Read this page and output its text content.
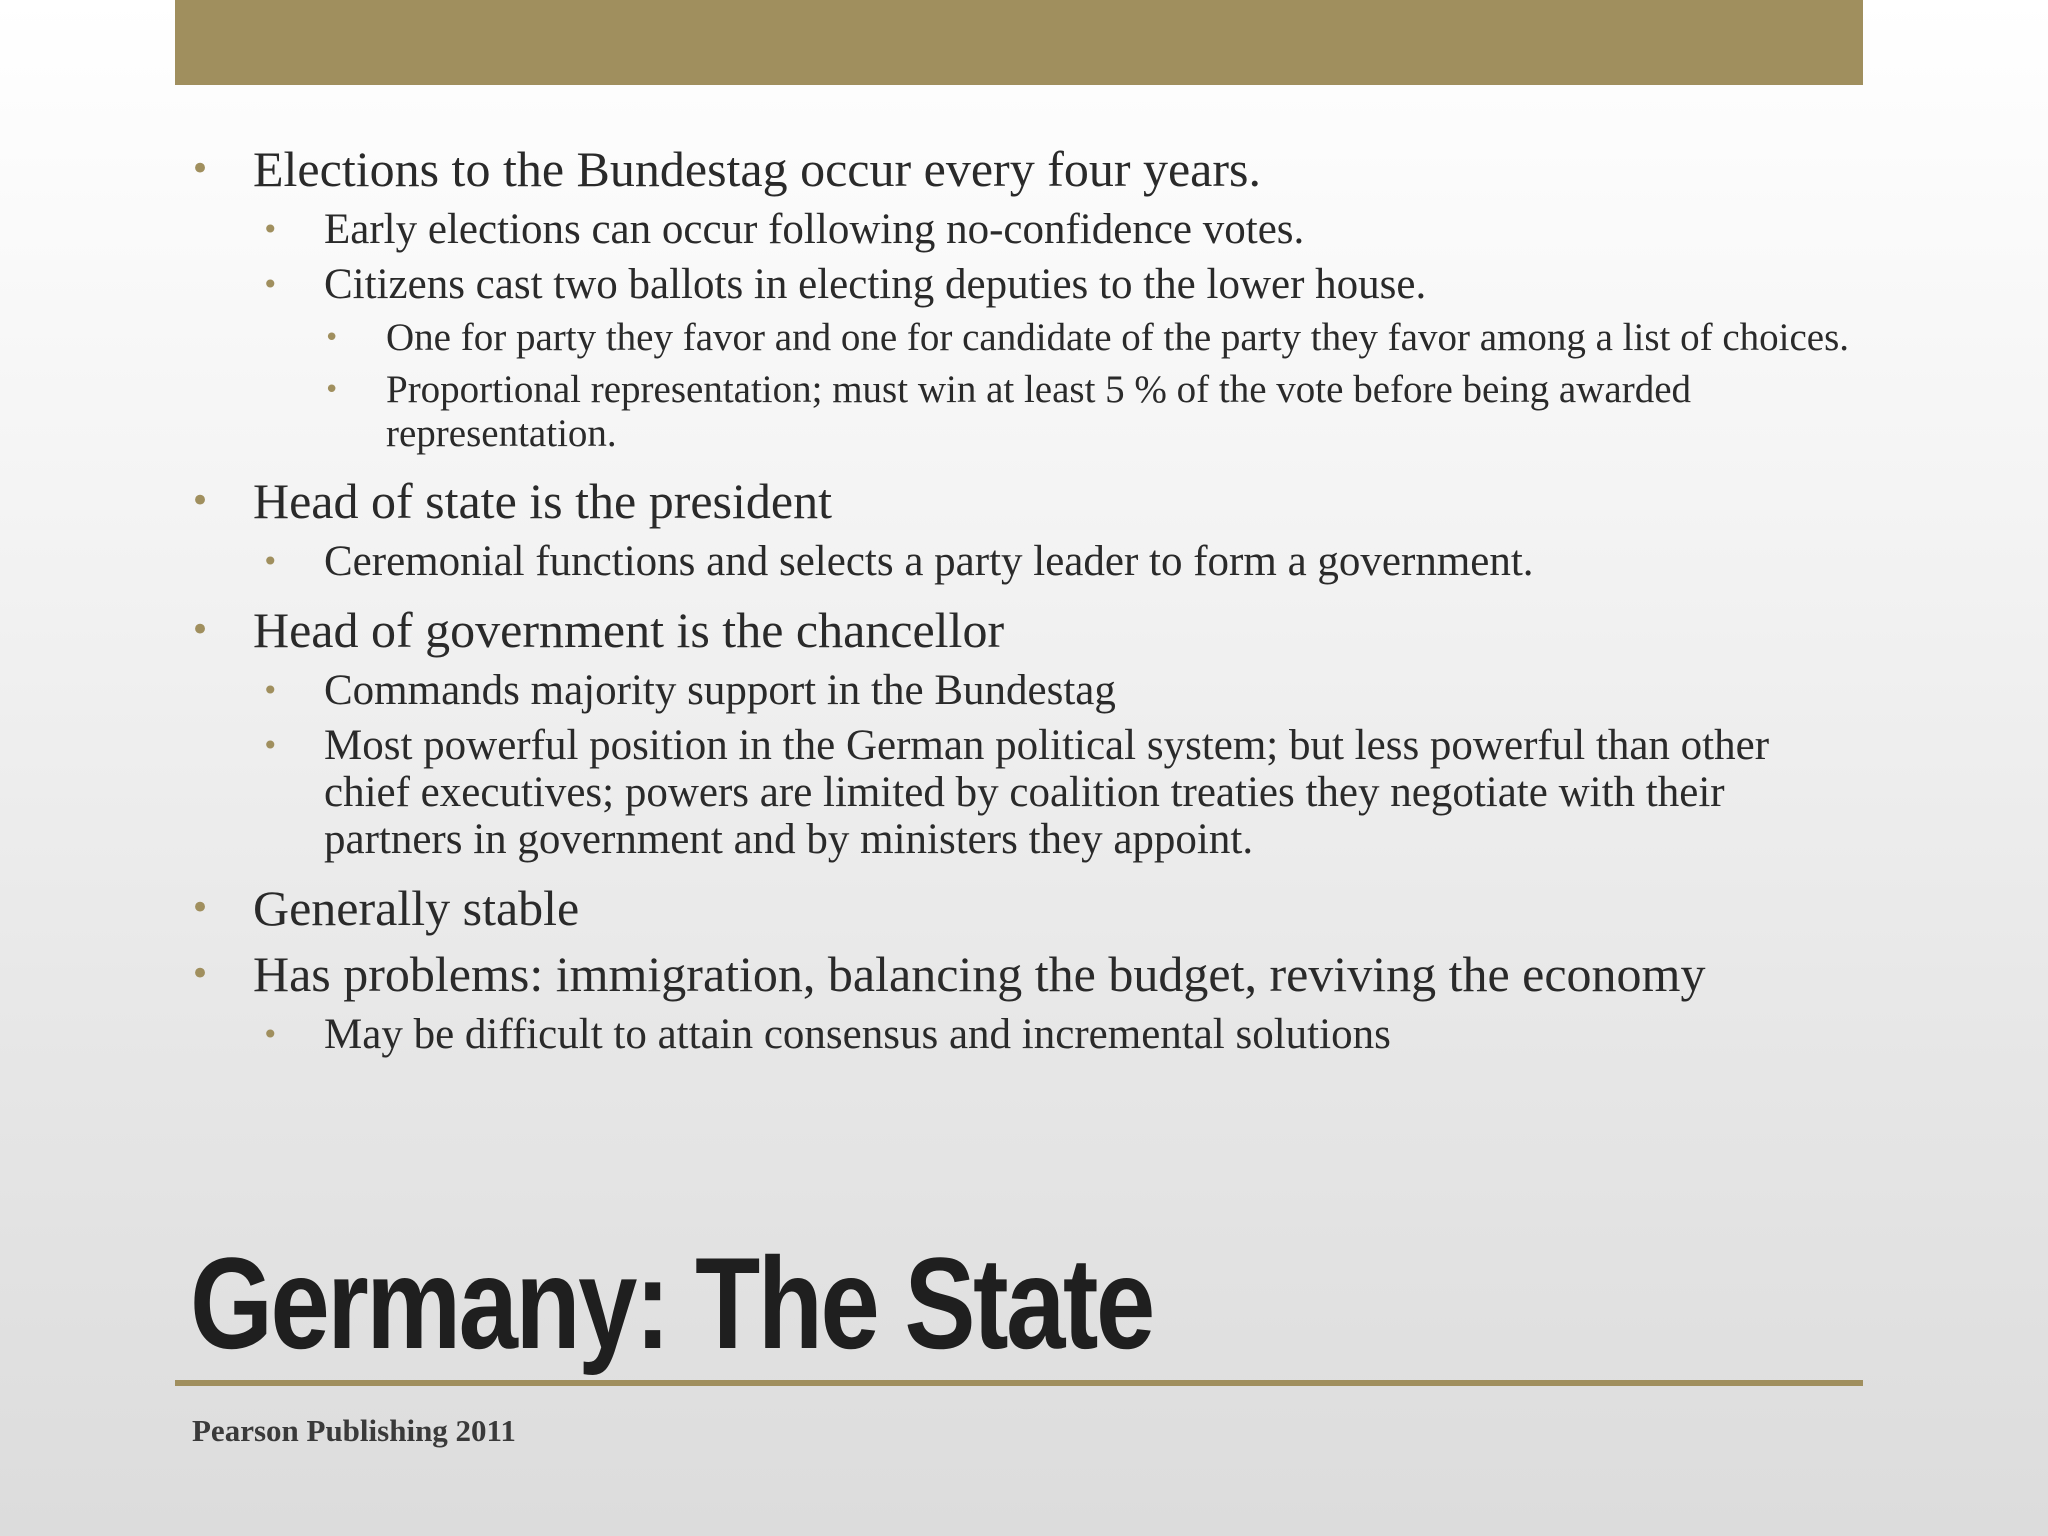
• Elections to the Bundestag occur every four years.
• Early elections can occur following no-confidence votes.
• Citizens cast two ballots in electing deputies to the lower house.
• One for party they favor and one for candidate of the party they favor among a list of choices.
• Proportional representation; must win at least 5 % of the vote before being awarded representation.
• Head of state is the president
• Ceremonial functions and selects a party leader to form a government.
• Head of government is the chancellor
• Commands majority support in the Bundestag
• Most powerful position in the German political system; but less powerful than other chief executives; powers are limited by coalition treaties they negotiate with their partners in government and by ministers they appoint.
• Generally stable
• Has problems: immigration, balancing the budget, reviving the economy
• May be difficult to attain consensus and incremental solutions
Germany: The State
Pearson Publishing 2011
